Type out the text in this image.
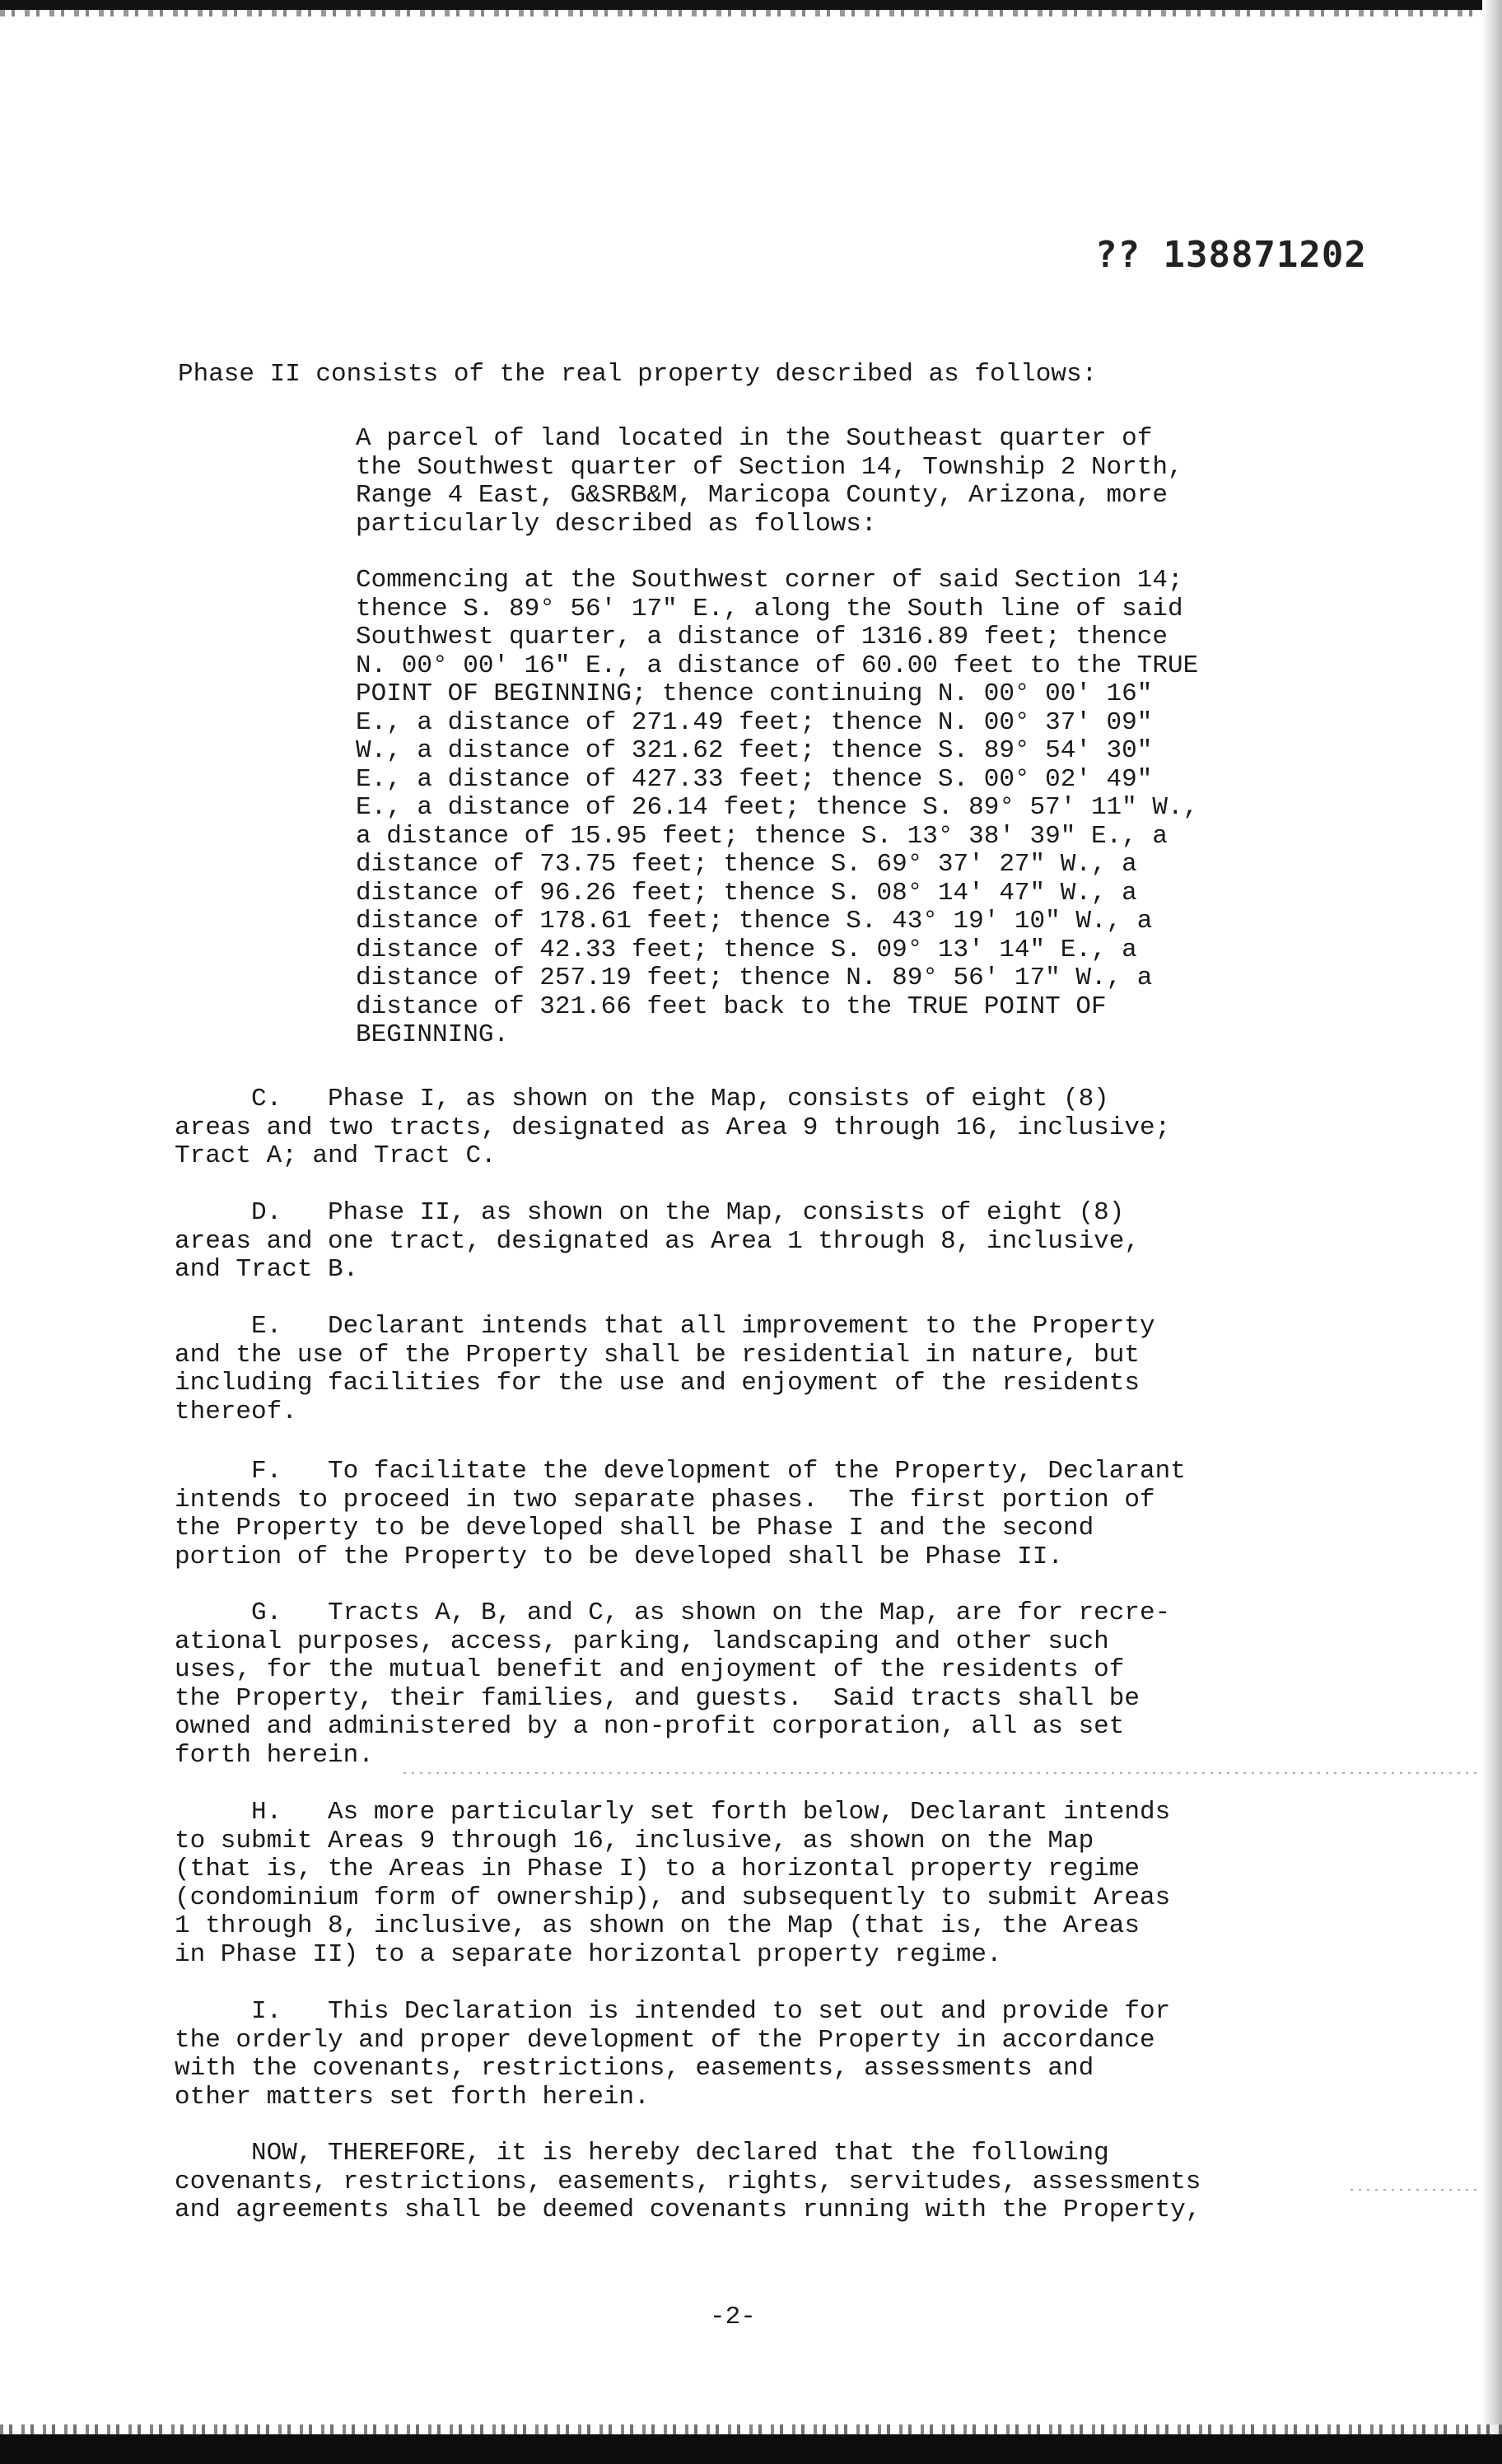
?? 138871202
Phase II consists of the real property described as follows:
A parcel of land located in the Southeast quarter of
the Southwest quarter of Section 14, Township 2 North,
Range 4 East, G&SRB&M, Maricopa County, Arizona, more
particularly described as follows:
Commencing at the Southwest corner of said Section 14;
thence S. 89° 56' 17" E., along the South line of said
Southwest quarter, a distance of 1316.89 feet; thence
N. 00° 00' 16" E., a distance of 60.00 feet to the TRUE
POINT OF BEGINNING; thence continuing N. 00° 00' 16"
E., a distance of 271.49 feet; thence N. 00° 37' 09"
W., a distance of 321.62 feet; thence S. 89° 54' 30"
E., a distance of 427.33 feet; thence S. 00° 02' 49"
E., a distance of 26.14 feet; thence S. 89° 57' 11" W.,
a distance of 15.95 feet; thence S. 13° 38' 39" E., a
distance of 73.75 feet; thence S. 69° 37' 27" W., a
distance of 96.26 feet; thence S. 08° 14' 47" W., a
distance of 178.61 feet; thence S. 43° 19' 10" W., a
distance of 42.33 feet; thence S. 09° 13' 14" E., a
distance of 257.19 feet; thence N. 89° 56' 17" W., a
distance of 321.66 feet back to the TRUE POINT OF
BEGINNING.
C.   Phase I, as shown on the Map, consists of eight (8)
areas and two tracts, designated as Area 9 through 16, inclusive;
Tract A; and Tract C.
D.   Phase II, as shown on the Map, consists of eight (8)
areas and one tract, designated as Area 1 through 8, inclusive,
and Tract B.
E.   Declarant intends that all improvement to the Property
and the use of the Property shall be residential in nature, but
including facilities for the use and enjoyment of the residents
thereof.
F.   To facilitate the development of the Property, Declarant
intends to proceed in two separate phases.  The first portion of
the Property to be developed shall be Phase I and the second
portion of the Property to be developed shall be Phase II.
G.   Tracts A, B, and C, as shown on the Map, are for recre-
ational purposes, access, parking, landscaping and other such
uses, for the mutual benefit and enjoyment of the residents of
the Property, their families, and guests.  Said tracts shall be
owned and administered by a non-profit corporation, all as set
forth herein.
H.   As more particularly set forth below, Declarant intends
to submit Areas 9 through 16, inclusive, as shown on the Map
(that is, the Areas in Phase I) to a horizontal property regime
(condominium form of ownership), and subsequently to submit Areas
1 through 8, inclusive, as shown on the Map (that is, the Areas
in Phase II) to a separate horizontal property regime.
I.   This Declaration is intended to set out and provide for
the orderly and proper development of the Property in accordance
with the covenants, restrictions, easements, assessments and
other matters set forth herein.
NOW, THEREFORE, it is hereby declared that the following
covenants, restrictions, easements, rights, servitudes, assessments
and agreements shall be deemed covenants running with the Property,
-2-
